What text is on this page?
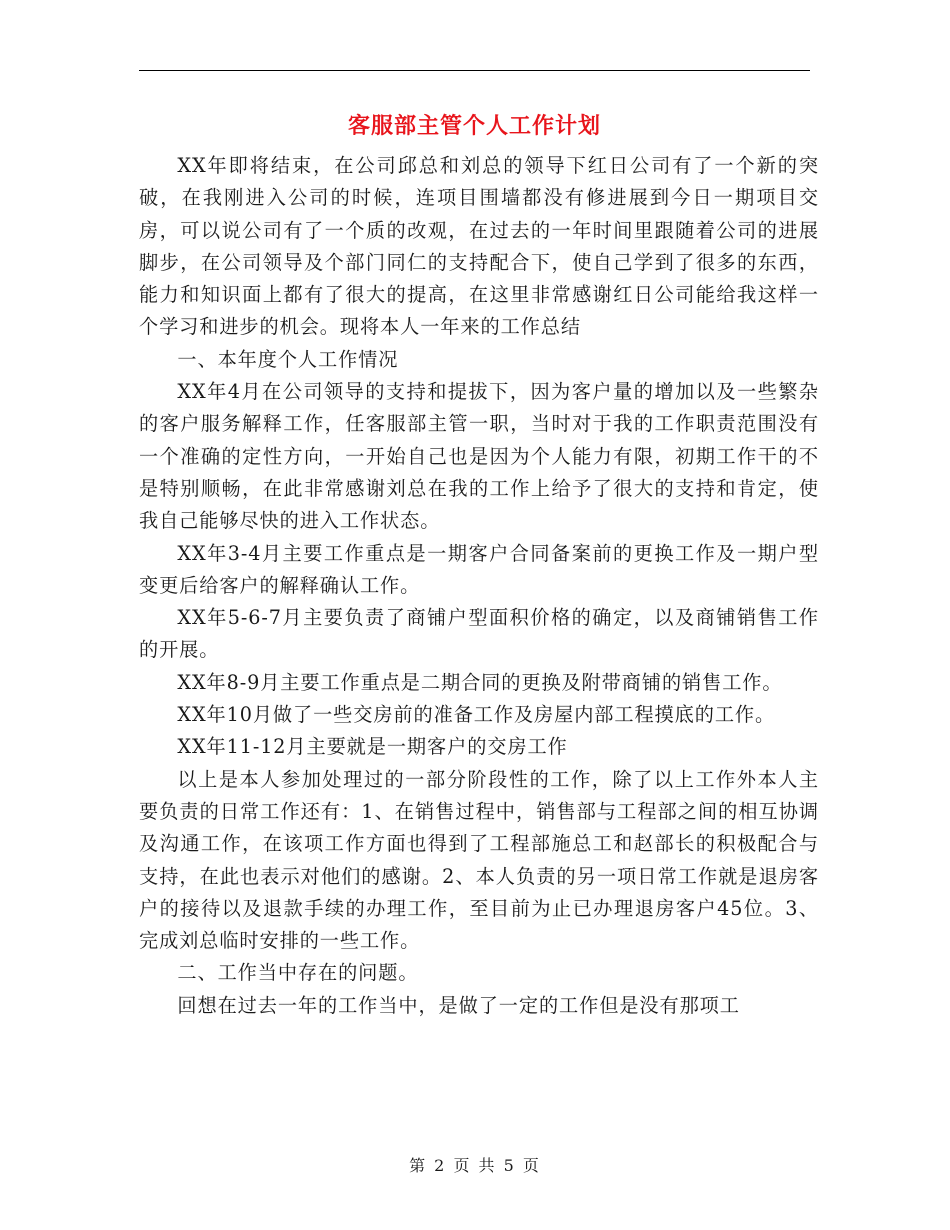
客服部主管个人工作计划

XX年即将结束，在公司邱总和刘总的领导下红日公司有了一个新的突破，在我刚进入公司的时候，连项目围墙都没有修进展到今日一期项目交房，可以说公司有了一个质的改观，在过去的一年时间里跟随着公司的进展脚步，在公司领导及个部门同仁的支持配合下，使自己学到了很多的东西，能力和知识面上都有了很大的提高，在这里非常感谢红日公司能给我这样一个学习和进步的机会。现将本人一年来的工作总结

一、本年度个人工作情况

XX年4月在公司领导的支持和提拔下，因为客户量的增加以及一些繁杂的客户服务解释工作，任客服部主管一职，当时对于我的工作职责范围没有一个准确的定性方向，一开始自己也是因为个人能力有限，初期工作干的不是特别顺畅，在此非常感谢刘总在我的工作上给予了很大的支持和肯定，使我自己能够尽快的进入工作状态。

XX年3-4月主要工作重点是一期客户合同备案前的更换工作及一期户型变更后给客户的解释确认工作。

XX年5-6-7月主要负责了商铺户型面积价格的确定，以及商铺销售工作的开展。

XX年8-9月主要工作重点是二期合同的更换及附带商铺的销售工作。

XX年10月做了一些交房前的准备工作及房屋内部工程摸底的工作。

XX年11-12月主要就是一期客户的交房工作

以上是本人参加处理过的一部分阶段性的工作，除了以上工作外本人主要负责的日常工作还有：1、在销售过程中，销售部与工程部之间的相互协调及沟通工作，在该项工作方面也得到了工程部施总工和赵部长的积极配合与支持，在此也表示对他们的感谢。2、本人负责的另一项日常工作就是退房客户的接待以及退款手续的办理工作，至目前为止已办理退房客户45位。3、完成刘总临时安排的一些工作。

二、工作当中存在的问题。

回想在过去一年的工作当中，是做了一定的工作但是没有那项工

第 2 页 共 5 页
